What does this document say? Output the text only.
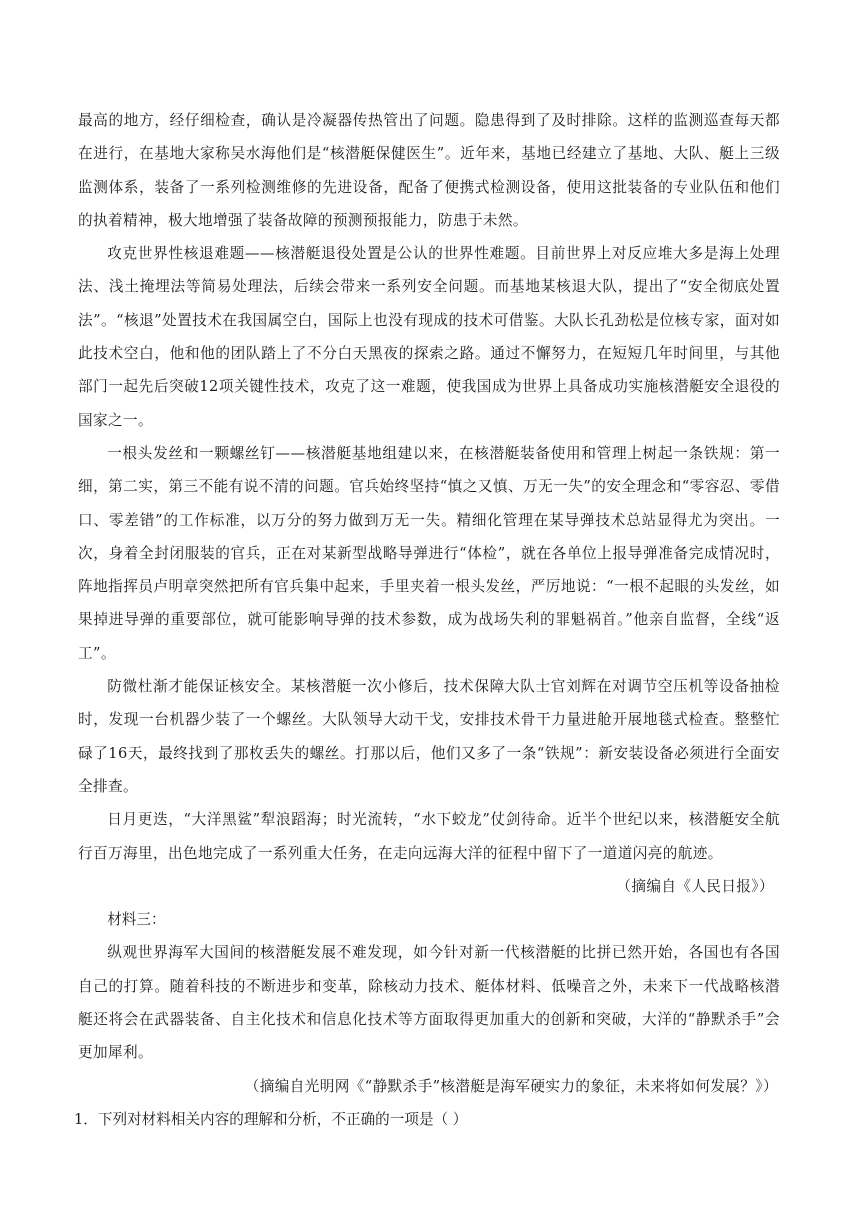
最高的地方，经仔细检查，确认是冷凝器传热管出了问题。隐患得到了及时排除。这样的监测巡查每天都在进行，在基地大家称吴水海他们是“核潜艇保健医生”。近年来，基地已经建立了基地、大队、艇上三级监测体系，装备了一系列检测维修的先进设备，配备了便携式检测设备，使用这批装备的专业队伍和他们的执着精神，极大地增强了装备故障的预测预报能力，防患于未然。

攻克世界性核退难题——核潜艇退役处置是公认的世界性难题。目前世界上对反应堆大多是海上处理法、浅土掩埋法等简易处理法，后续会带来一系列安全问题。而基地某核退大队，提出了“安全彻底处置法”。“核退”处置技术在我国属空白，国际上也没有现成的技术可借鉴。大队长孔劲松是位核专家，面对如此技术空白，他和他的团队踏上了不分白天黑夜的探索之路。通过不懈努力，在短短几年时间里，与其他部门一起先后突破12项关键性技术，攻克了这一难题，使我国成为世界上具备成功实施核潜艇安全退役的国家之一。

一根头发丝和一颗螺丝钉——核潜艇基地组建以来，在核潜艇装备使用和管理上树起一条铁规：第一细，第二实，第三不能有说不清的问题。官兵始终坚持“慎之又慎、万无一失”的安全理念和“零容忍、零借口、零差错”的工作标准，以万分的努力做到万无一失。精细化管理在某导弹技术总站显得尤为突出。一次，身着全封闭服装的官兵，正在对某新型战略导弹进行“体检”，就在各单位上报导弹准备完成情况时，阵地指挥员卢明章突然把所有官兵集中起来，手里夹着一根头发丝，严厉地说：“一根不起眼的头发丝，如果掉进导弹的重要部位，就可能影响导弹的技术参数，成为战场失利的罪魁祸首。”他亲自监督，全线“返工”。

防微杜渐才能保证核安全。某核潜艇一次小修后，技术保障大队士官刘辉在对调节空压机等设备抽检时，发现一台机器少装了一个螺丝。大队领导大动干戈，安排技术骨干力量进舱开展地毯式检查。整整忙碌了16天，最终找到了那枚丢失的螺丝。打那以后，他们又多了一条“铁规”：新安装设备必须进行全面安全排查。

日月更迭，“大洋黑鲨”犁浪蹈海；时光流转，“水下蛟龙”仗剑待命。近半个世纪以来，核潜艇安全航行百万海里，出色地完成了一系列重大任务，在走向远海大洋的征程中留下了一道道闪亮的航迹。

（摘编自《人民日报》）

材料三：

纵观世界海军大国间的核潜艇发展不难发现，如今针对新一代核潜艇的比拼已然开始，各国也有各国自己的打算。随着科技的不断进步和变革，除核动力技术、艇体材料、低噪音之外，未来下一代战略核潜艇还将会在武器装备、自主化技术和信息化技术等方面取得更加重大的创新和突破，大洋的“静默杀手”会更加犀利。

（摘编自光明网《“静默杀手”核潜艇是海军硬实力的象征，未来将如何发展？》）

1．下列对材料相关内容的理解和分析，不正确的一项是（ ）
